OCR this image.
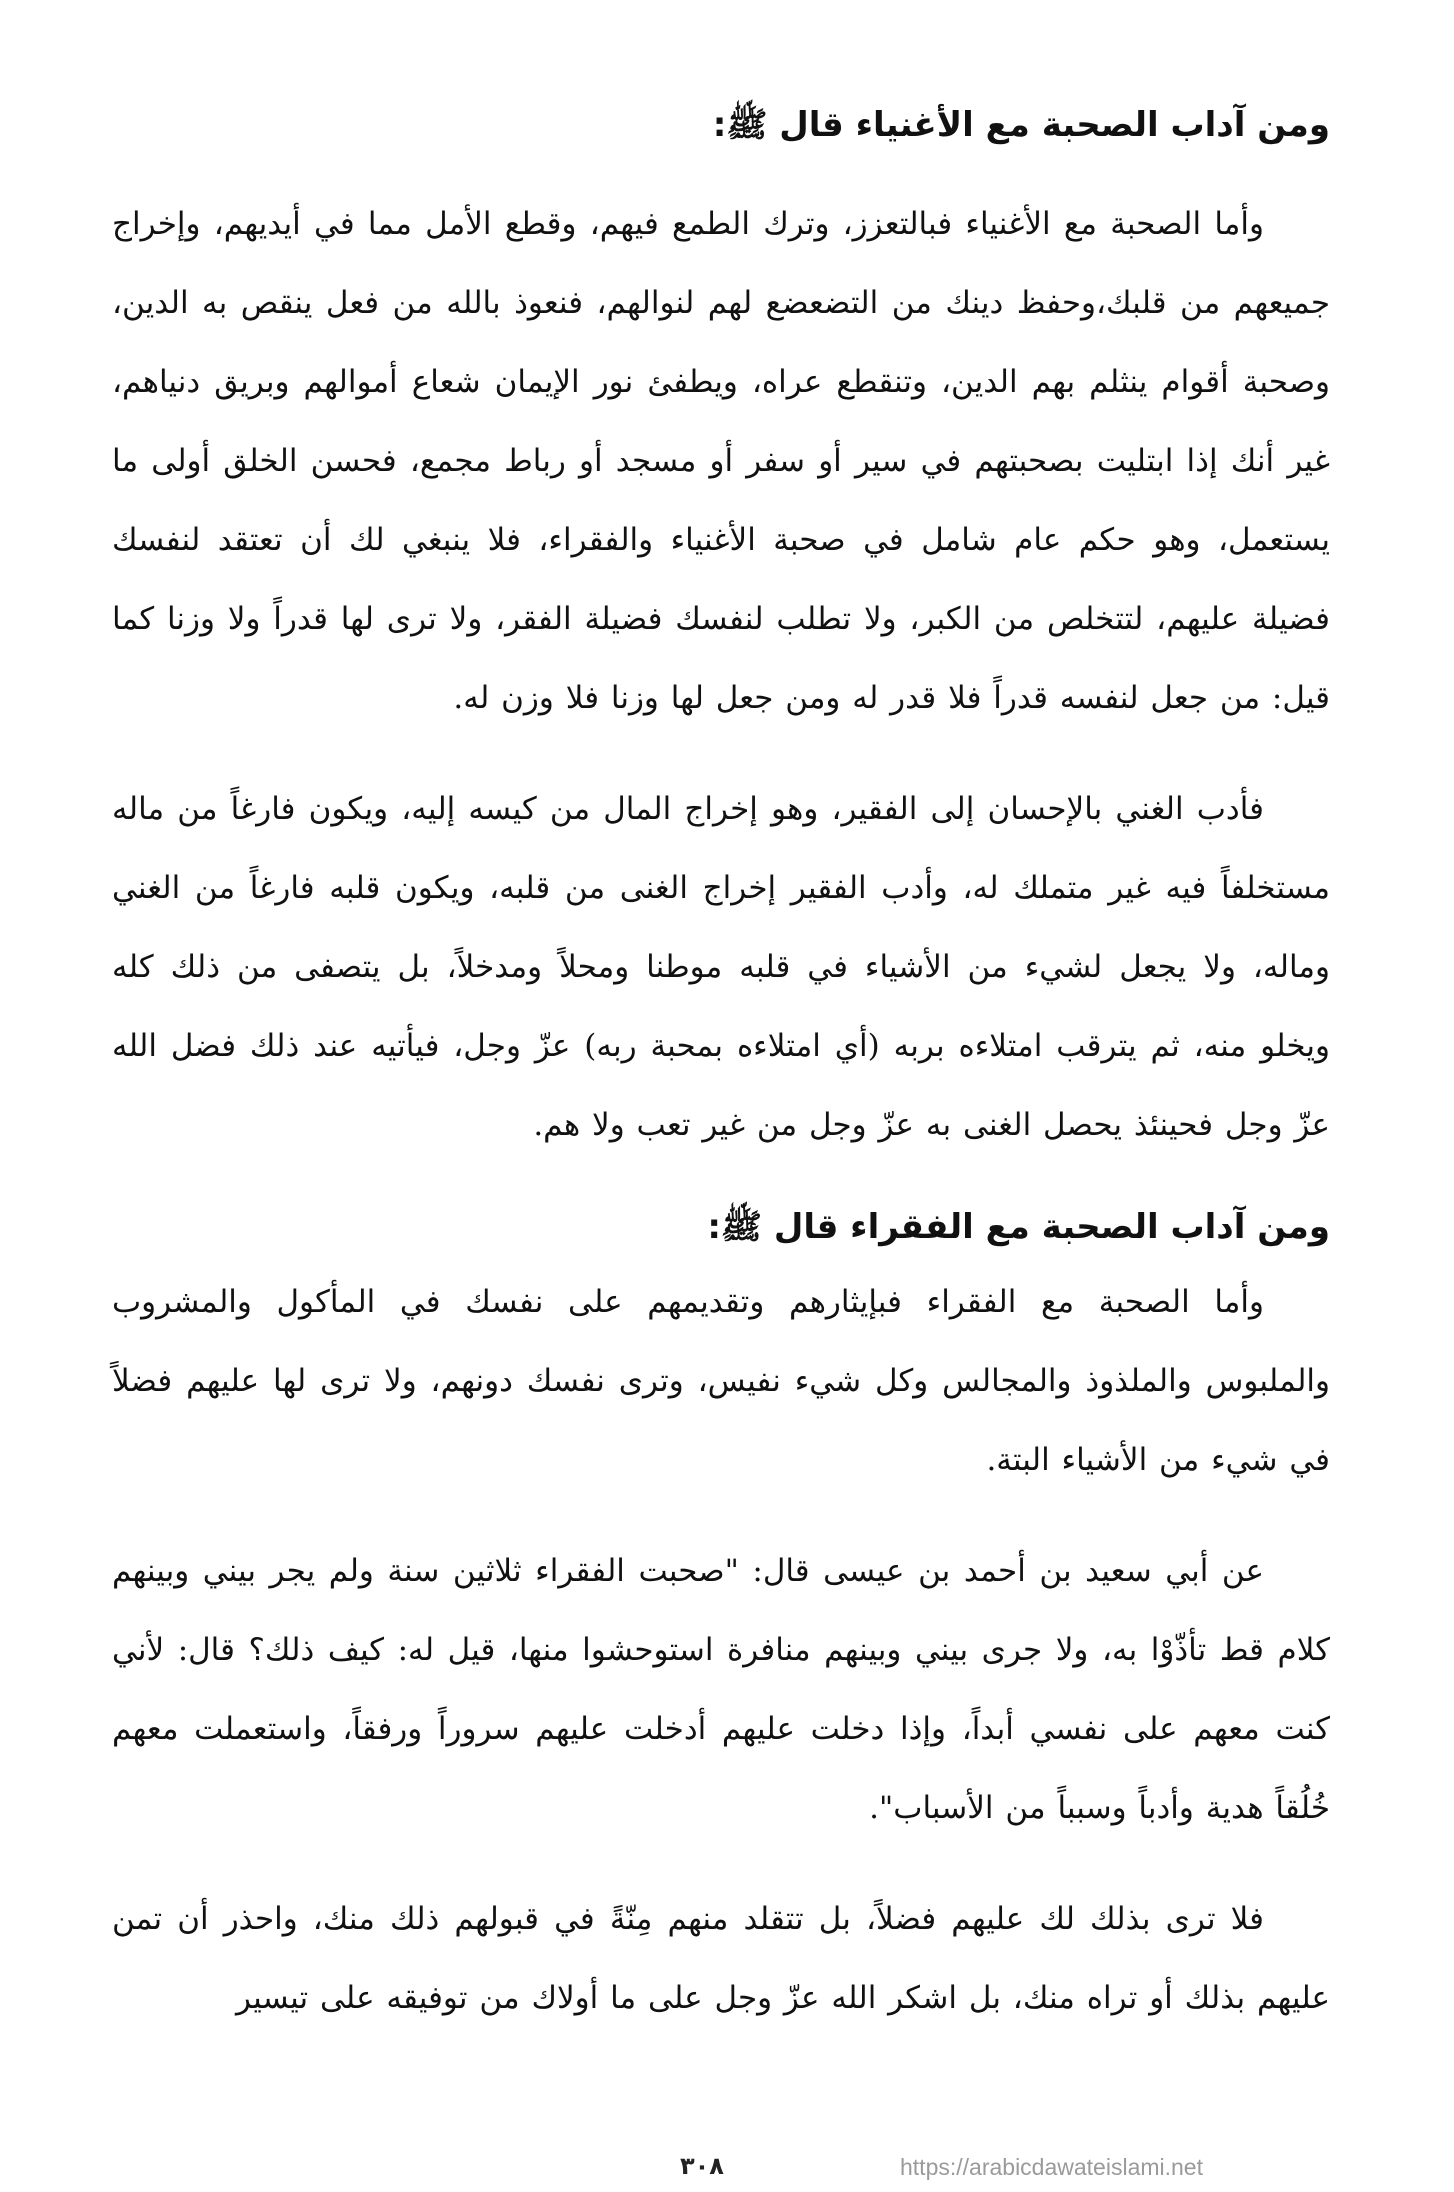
ومن آداب الصحبة مع الأغنياء قال ﷺ:

وأما الصحبة مع الأغنياء فبالتعزز، وترك الطمع فيهم، وقطع الأمل مما في أيديهم، وإخراج جميعهم من قلبك،وحفظ دينك من التضعضع لهم لنوالهم، فنعوذ بالله من فعل ينقص به الدين، وصحبة أقوام ينثلم بهم الدين، وتنقطع عراه، ويطفئ نور الإيمان شعاع أموالهم وبريق دنياهم، غير أنك إذا ابتليت بصحبتهم في سير أو سفر أو مسجد أو رباط مجمع، فحسن الخلق أولى ما يستعمل، وهو حكم عام شامل في صحبة الأغنياء والفقراء، فلا ينبغي لك أن تعتقد لنفسك فضيلة عليهم، لتتخلص من الكبر، ولا تطلب لنفسك فضيلة الفقر، ولا ترى لها قدراً ولا وزنا كما قيل: من جعل لنفسه قدراً فلا قدر له ومن جعل لها وزنا فلا وزن له.

فأدب الغني بالإحسان إلى الفقير، وهو إخراج المال من كيسه إليه، ويكون فارغاً من ماله مستخلفاً فيه غير متملك له، وأدب الفقير إخراج الغنى من قلبه، ويكون قلبه فارغاً من الغني وماله، ولا يجعل لشيء من الأشياء في قلبه موطنا ومحلاً ومدخلاً، بل يتصفى من ذلك كله ويخلو منه، ثم يترقب امتلاءه بربه (أي امتلاءه بمحبة ربه) عزّ وجل، فيأتيه عند ذلك فضل الله عزّ وجل فحينئذ يحصل الغنى به عزّ وجل من غير تعب ولا هم.

ومن آداب الصحبة مع الفقراء قال ﷺ:

وأما الصحبة مع الفقراء فبإيثارهم وتقديمهم على نفسك في المأكول والمشروب والملبوس والملذوذ والمجالس وكل شيء نفيس، وترى نفسك دونهم، ولا ترى لها عليهم فضلاً في شيء من الأشياء البتة.

عن أبي سعيد بن أحمد بن عيسى قال: "صحبت الفقراء ثلاثين سنة ولم يجر بيني وبينهم كلام قط تأذّوْا به، ولا جرى بيني وبينهم منافرة استوحشوا منها، قيل له: كيف ذلك؟ قال: لأني كنت معهم على نفسي أبداً، وإذا دخلت عليهم أدخلت عليهم سروراً ورفقاً، واستعملت معهم خُلُقاً هدية وأدباً وسبباً من الأسباب".

فلا ترى بذلك لك عليهم فضلاً، بل تتقلد منهم مِنّةً في قبولهم ذلك منك، واحذر أن تمن عليهم بذلك أو تراه منك، بل اشكر الله عزّ وجل على ما أولاك من توفيقه على تيسير

٣٠٨	https://arabicdawateislami.net
